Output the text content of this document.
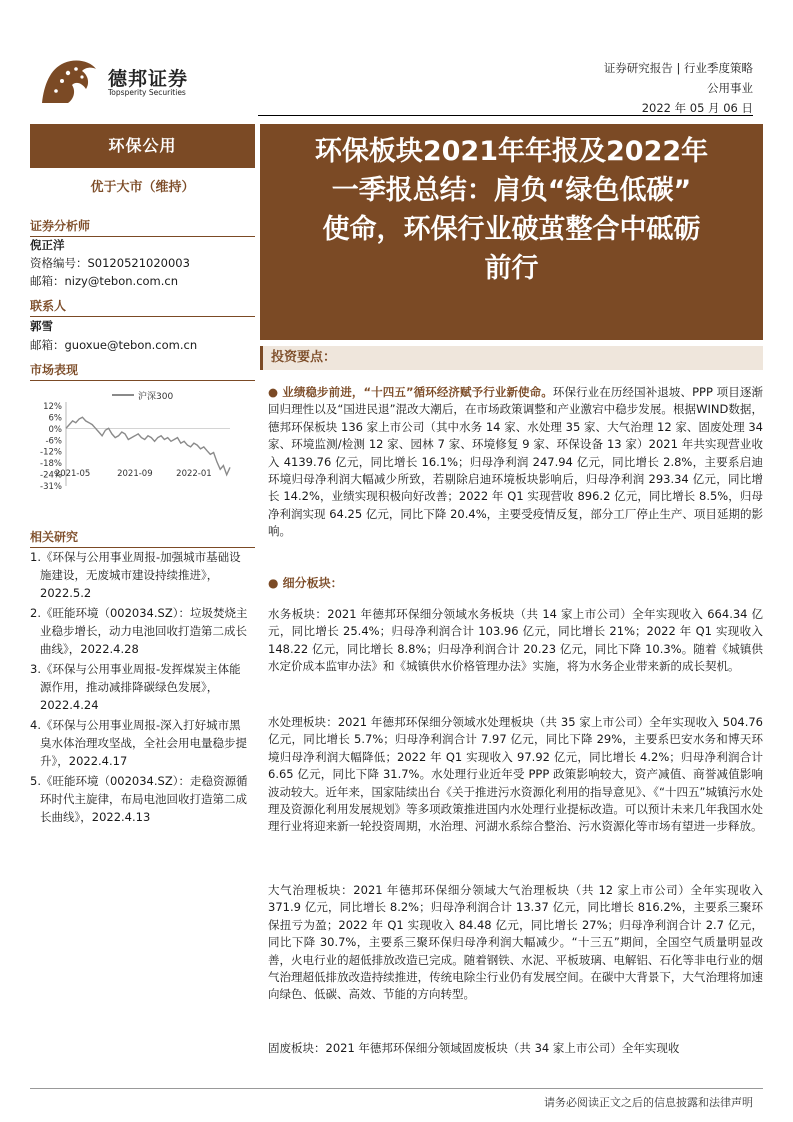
德邦证券
Topsperity Securities
证券研究报告 | 行业季度策略
公用事业
2022 年 05 月 06 日
环保公用
优于大市（维持）
证券分析师
倪正洋
资格编号：S0120521020003
邮箱：nizy@tebon.com.cn
联系人
郭雪
邮箱：guoxue@tebon.com.cn
市场表现
沪深300
12%
6%
0%
-6%
-12%
-18%
-24%
-31%
2021-05	2021-09	2022-01
相关研究
1.《环保与公用事业周报-加强城市基础设施建设，无废城市建设持续推进》，2022.5.2
2.《旺能环境（002034.SZ）：垃圾焚烧主业稳步增长，动力电池回收打造第二成长曲线》，2022.4.28
3.《环保与公用事业周报-发挥煤炭主体能源作用，推动减排降碳绿色发展》，2022.4.24
4.《环保与公用事业周报-深入打好城市黑臭水体治理攻坚战，全社会用电量稳步提升》，2022.4.17
5.《旺能环境（002034.SZ）：走稳资源循环时代主旋律，布局电池回收打造第二成长曲线》，2022.4.13
环保板块2021年年报及2022年
一季报总结：肩负“绿色低碳”
使命，环保行业破茧整合中砥砺
前行
投资要点：
● 业绩稳步前进，“十四五”循环经济赋予行业新使命。环保行业在历经国补退坡、PPP 项目逐渐回归理性以及“国进民退”混改大潮后，在市场政策调整和产业激宕中稳步发展。根据WIND数据，德邦环保板块 136 家上市公司（其中水务 14 家、水处理 35 家、大气治理 12 家、固废处理 34 家、环境监测/检测 12 家、园林 7 家、环境修复 9 家、环保设备 13 家）2021 年共实现营业收入 4139.76 亿元，同比增长 16.1%；归母净利润 247.94 亿元，同比增长 2.8%，主要系启迪环境归母净利润大幅减少所致，若剔除启迪环境板块影响后，归母净利润 293.34 亿元，同比增长 14.2%，业绩实现积极向好改善；2022 年 Q1 实现营收 896.2 亿元，同比增长 8.5%，归母净利润实现 64.25 亿元，同比下降 20.4%，主要受疫情反复，部分工厂停止生产、项目延期的影响。
● 细分板块：
水务板块：2021 年德邦环保细分领域水务板块（共 14 家上市公司）全年实现收入 664.34 亿元，同比增长 25.4%；归母净利润合计 103.96 亿元，同比增长 21%；2022 年 Q1 实现收入 148.22 亿元，同比增长 8.8%；归母净利润合计 20.23 亿元，同比下降 10.3%。随着《城镇供水定价成本监审办法》和《城镇供水价格管理办法》实施，将为水务企业带来新的成长契机。
水处理板块：2021 年德邦环保细分领域水处理板块（共 35 家上市公司）全年实现收入 504.76 亿元，同比增长 5.7%；归母净利润合计 7.97 亿元，同比下降 29%，主要系巴安水务和博天环境归母净利润大幅降低；2022 年 Q1 实现收入 97.92 亿元，同比增长 4.2%；归母净利润合计 6.65 亿元，同比下降 31.7%。水处理行业近年受 PPP 政策影响较大，资产减值、商誉减值影响波动较大。近年来，国家陆续出台《关于推进污水资源化利用的指导意见》、《“十四五”城镇污水处理及资源化利用发展规划》等多项政策推进国内水处理行业提标改造。可以预计未来几年我国水处理行业将迎来新一轮投资周期，水治理、河湖水系综合整治、污水资源化等市场有望进一步释放。
大气治理板块：2021 年德邦环保细分领域大气治理板块（共 12 家上市公司）全年实现收入 371.9 亿元，同比增长 8.2%；归母净利润合计 13.37 亿元，同比增长 816.2%，主要系三聚环保扭亏为盈；2022 年 Q1 实现收入 84.48 亿元，同比增长 27%；归母净利润合计 2.7 亿元，同比下降 30.7%，主要系三聚环保归母净利润大幅减少。“十三五”期间，全国空气质量明显改善，火电行业的超低排放改造已完成。随着钢铁、水泥、平板玻璃、电解铝、石化等非电行业的烟气治理超低排放改造持续推进，传统电除尘行业仍有发展空间。在碳中大背景下，大气治理将加速向绿色、低碳、高效、节能的方向转型。
固废板块：2021 年德邦环保细分领域固废板块（共 34 家上市公司）全年实现收
请务必阅读正文之后的信息披露和法律声明
